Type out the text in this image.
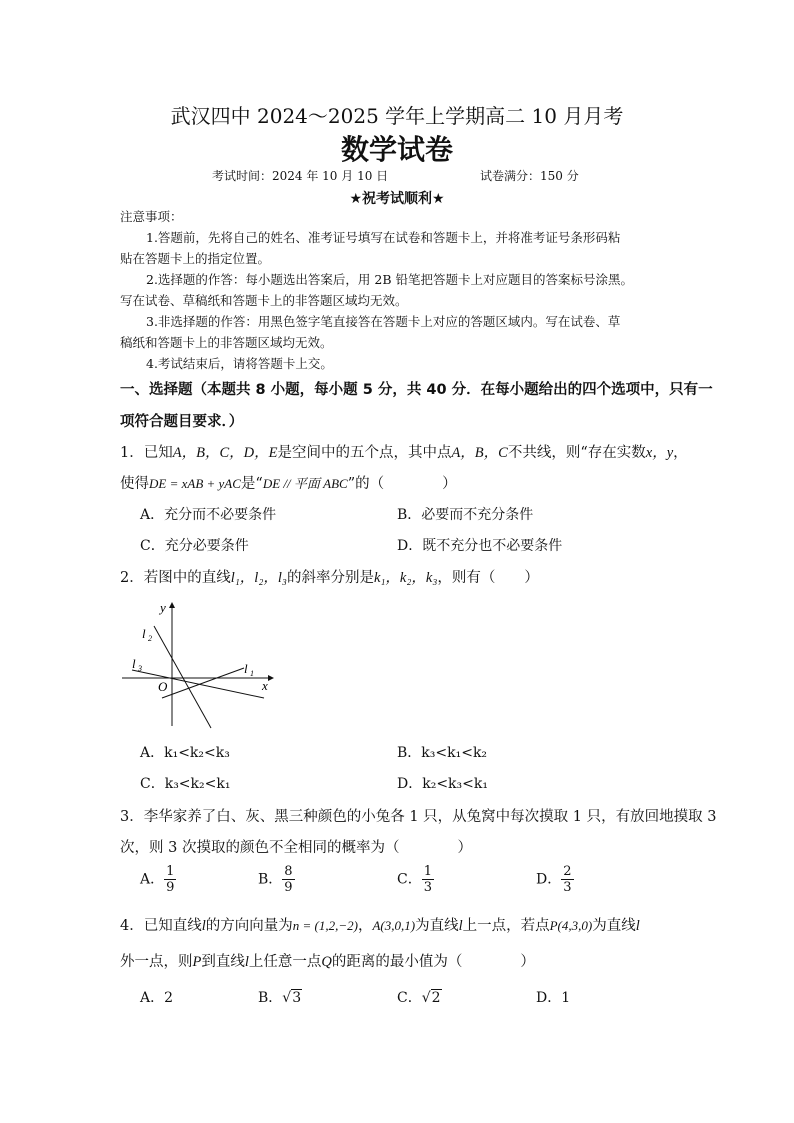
武汉四中 2024～2025 学年上学期高二 10 月月考
数学试卷
考试时间：2024 年 10 月 10 日	试卷满分：150 分
★祝考试顺利★
注意事项：
1.答题前，先将自己的姓名、准考证号填写在试卷和答题卡上，并将准考证号条形码粘
贴在答题卡上的指定位置。
2.选择题的作答：每小题选出答案后，用 2B 铅笔把答题卡上对应题目的答案标号涂黑。
写在试卷、草稿纸和答题卡上的非答题区域均无效。
3.非选择题的作答：用黑色签字笔直接答在答题卡上对应的答题区域内。写在试卷、草
稿纸和答题卡上的非答题区域均无效。
4.考试结束后，请将答题卡上交。
一、选择题（本题共 8 小题，每小题 5 分，共 40 分．在每小题给出的四个选项中，只有一
项符合题目要求．）
1．已知A，B，C，D，E是空间中的五个点，其中点A，B，C不共线，则“存在实数x，y，
使得DE = xAB + yAC是“DE // 平面 ABC”的（　　　　）
A．充分而不必要条件	B．必要而不充分条件
C．充分必要条件	D．既不充分也不必要条件
2．若图中的直线l₁，l₂，l₃的斜率分别是k₁，k₂，k₃，则有（　　）
y
x
O
l 1
l 2
l 3
A．k₁<k₂<k₃	B．k₃<k₁<k₂
C．k₃<k₂<k₁	D．k₂<k₃<k₁
3．李华家养了白、灰、黑三种颜色的小兔各 1 只，从兔窝中每次摸取 1 只，有放回地摸取 3
次，则 3 次摸取的颜色不全相同的概率为（　　　　）
A． $\frac{1}{9}$	B． $\frac{8}{9}$	C． $\frac{1}{3}$	D． $\frac{2}{3}$
4．已知直线l的方向向量为n = (1,2,−2)，A(3,0,1)为直线l上一点，若点P(4,3,0)为直线l
外一点，则P到直线l上任意一点Q的距离的最小值为（　　　　）
A．2	B．√3	C．√2	D．1
